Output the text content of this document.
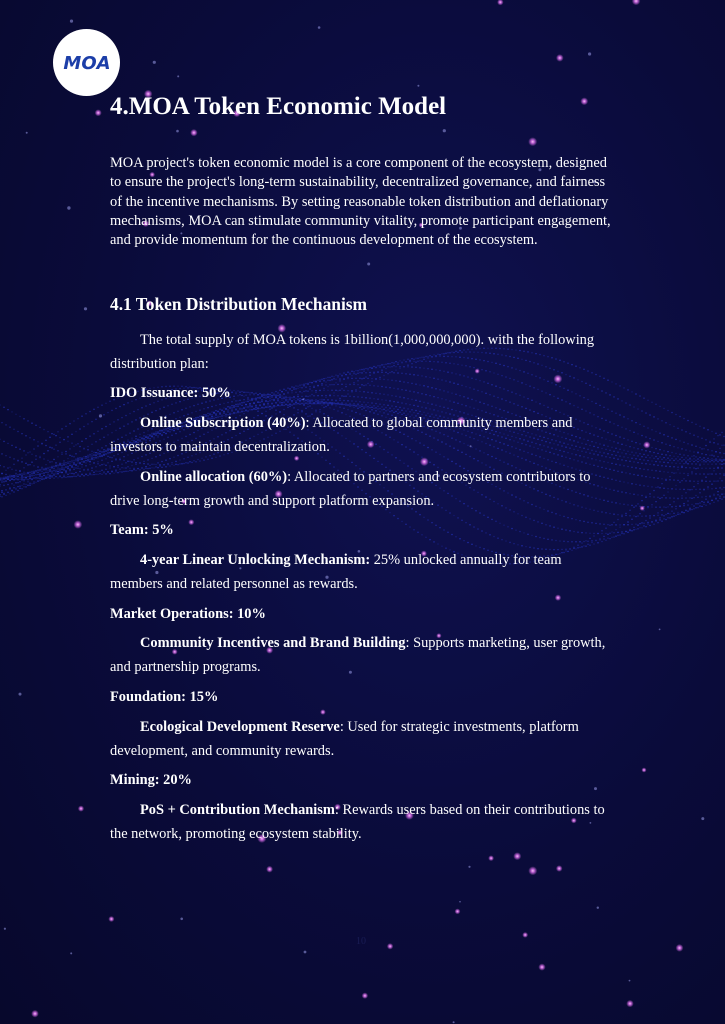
MOA
4.MOA Token Economic Model

MOA project's token economic model is a core component of the ecosystem, designed to ensure the project's long-term sustainability, decentralized governance, and fairness of the incentive mechanisms. By setting reasonable token distribution and deflationary mechanisms, MOA can stimulate community vitality, promote participant engagement, and provide momentum for the continuous development of the ecosystem.

4.1 Token Distribution Mechanism

The total supply of MOA tokens is 1billion(1,000,000,000). with the following distribution plan:

IDO Issuance: 50%

Online Subscription (40%): Allocated to global community members and investors to maintain decentralization.

Online allocation (60%): Allocated to partners and ecosystem contributors to drive long-term growth and support platform expansion.

Team: 5%

4-year Linear Unlocking Mechanism: 25% unlocked annually for team members and related personnel as rewards.

Market Operations: 10%

Community Incentives and Brand Building: Supports marketing, user growth, and partnership programs.

Foundation: 15%

Ecological Development Reserve: Used for strategic investments, platform development, and community rewards.

Mining: 20%

PoS + Contribution Mechanism: Rewards users based on their contributions to the network, promoting ecosystem stability.

10
